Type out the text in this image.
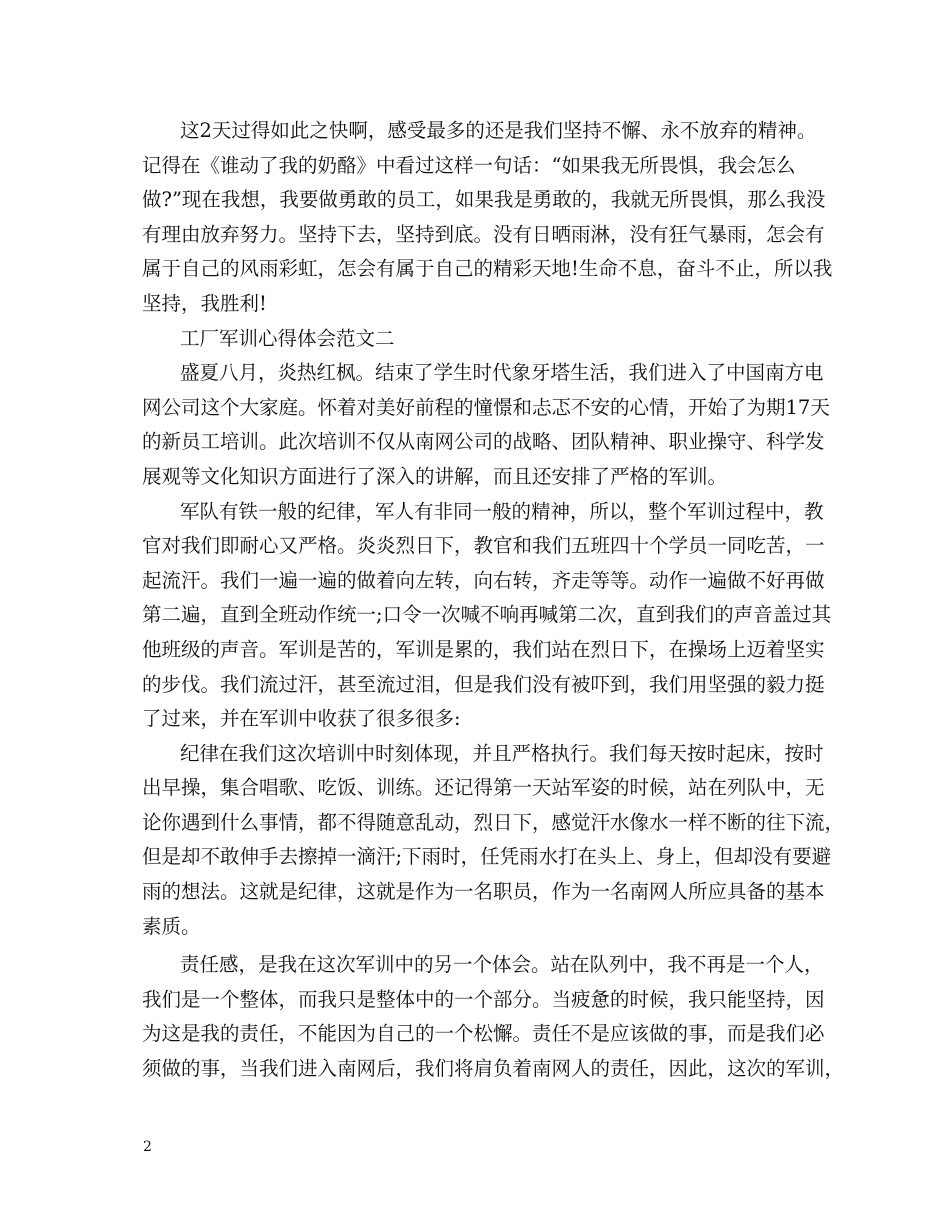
这2天过得如此之快啊，感受最多的还是我们坚持不懈、永不放弃的精神。
记得在《谁动了我的奶酪》中看过这样一句话：“如果我无所畏惧，我会怎么
做?”现在我想，我要做勇敢的员工，如果我是勇敢的，我就无所畏惧，那么我没
有理由放弃努力。坚持下去，坚持到底。没有日晒雨淋，没有狂气暴雨，怎会有
属于自己的风雨彩虹，怎会有属于自己的精彩天地!生命不息，奋斗不止，所以我
坚持，我胜利!
工厂军训心得体会范文二
盛夏八月，炎热红枫。结束了学生时代象牙塔生活，我们进入了中国南方电
网公司这个大家庭。怀着对美好前程的憧憬和忐忑不安的心情，开始了为期17天
的新员工培训。此次培训不仅从南网公司的战略、团队精神、职业操守、科学发
展观等文化知识方面进行了深入的讲解，而且还安排了严格的军训。
军队有铁一般的纪律，军人有非同一般的精神，所以，整个军训过程中，教
官对我们即耐心又严格。炎炎烈日下，教官和我们五班四十个学员一同吃苦，一
起流汗。我们一遍一遍的做着向左转，向右转，齐走等等。动作一遍做不好再做
第二遍，直到全班动作统一;口令一次喊不响再喊第二次，直到我们的声音盖过其
他班级的声音。军训是苦的，军训是累的，我们站在烈日下，在操场上迈着坚实
的步伐。我们流过汗，甚至流过泪，但是我们没有被吓到，我们用坚强的毅力挺
了过来，并在军训中收获了很多很多:
纪律在我们这次培训中时刻体现，并且严格执行。我们每天按时起床，按时
出早操，集合唱歌、吃饭、训练。还记得第一天站军姿的时候，站在列队中，无
论你遇到什么事情，都不得随意乱动，烈日下，感觉汗水像水一样不断的往下流，
但是却不敢伸手去擦掉一滴汗;下雨时，任凭雨水打在头上、身上，但却没有要避
雨的想法。这就是纪律，这就是作为一名职员，作为一名南网人所应具备的基本
素质。
责任感，是我在这次军训中的另一个体会。站在队列中，我不再是一个人，
我们是一个整体，而我只是整体中的一个部分。当疲惫的时候，我只能坚持，因
为这是我的责任，不能因为自己的一个松懈。责任不是应该做的事，而是我们必
须做的事，当我们进入南网后，我们将肩负着南网人的责任，因此，这次的军训，
2
